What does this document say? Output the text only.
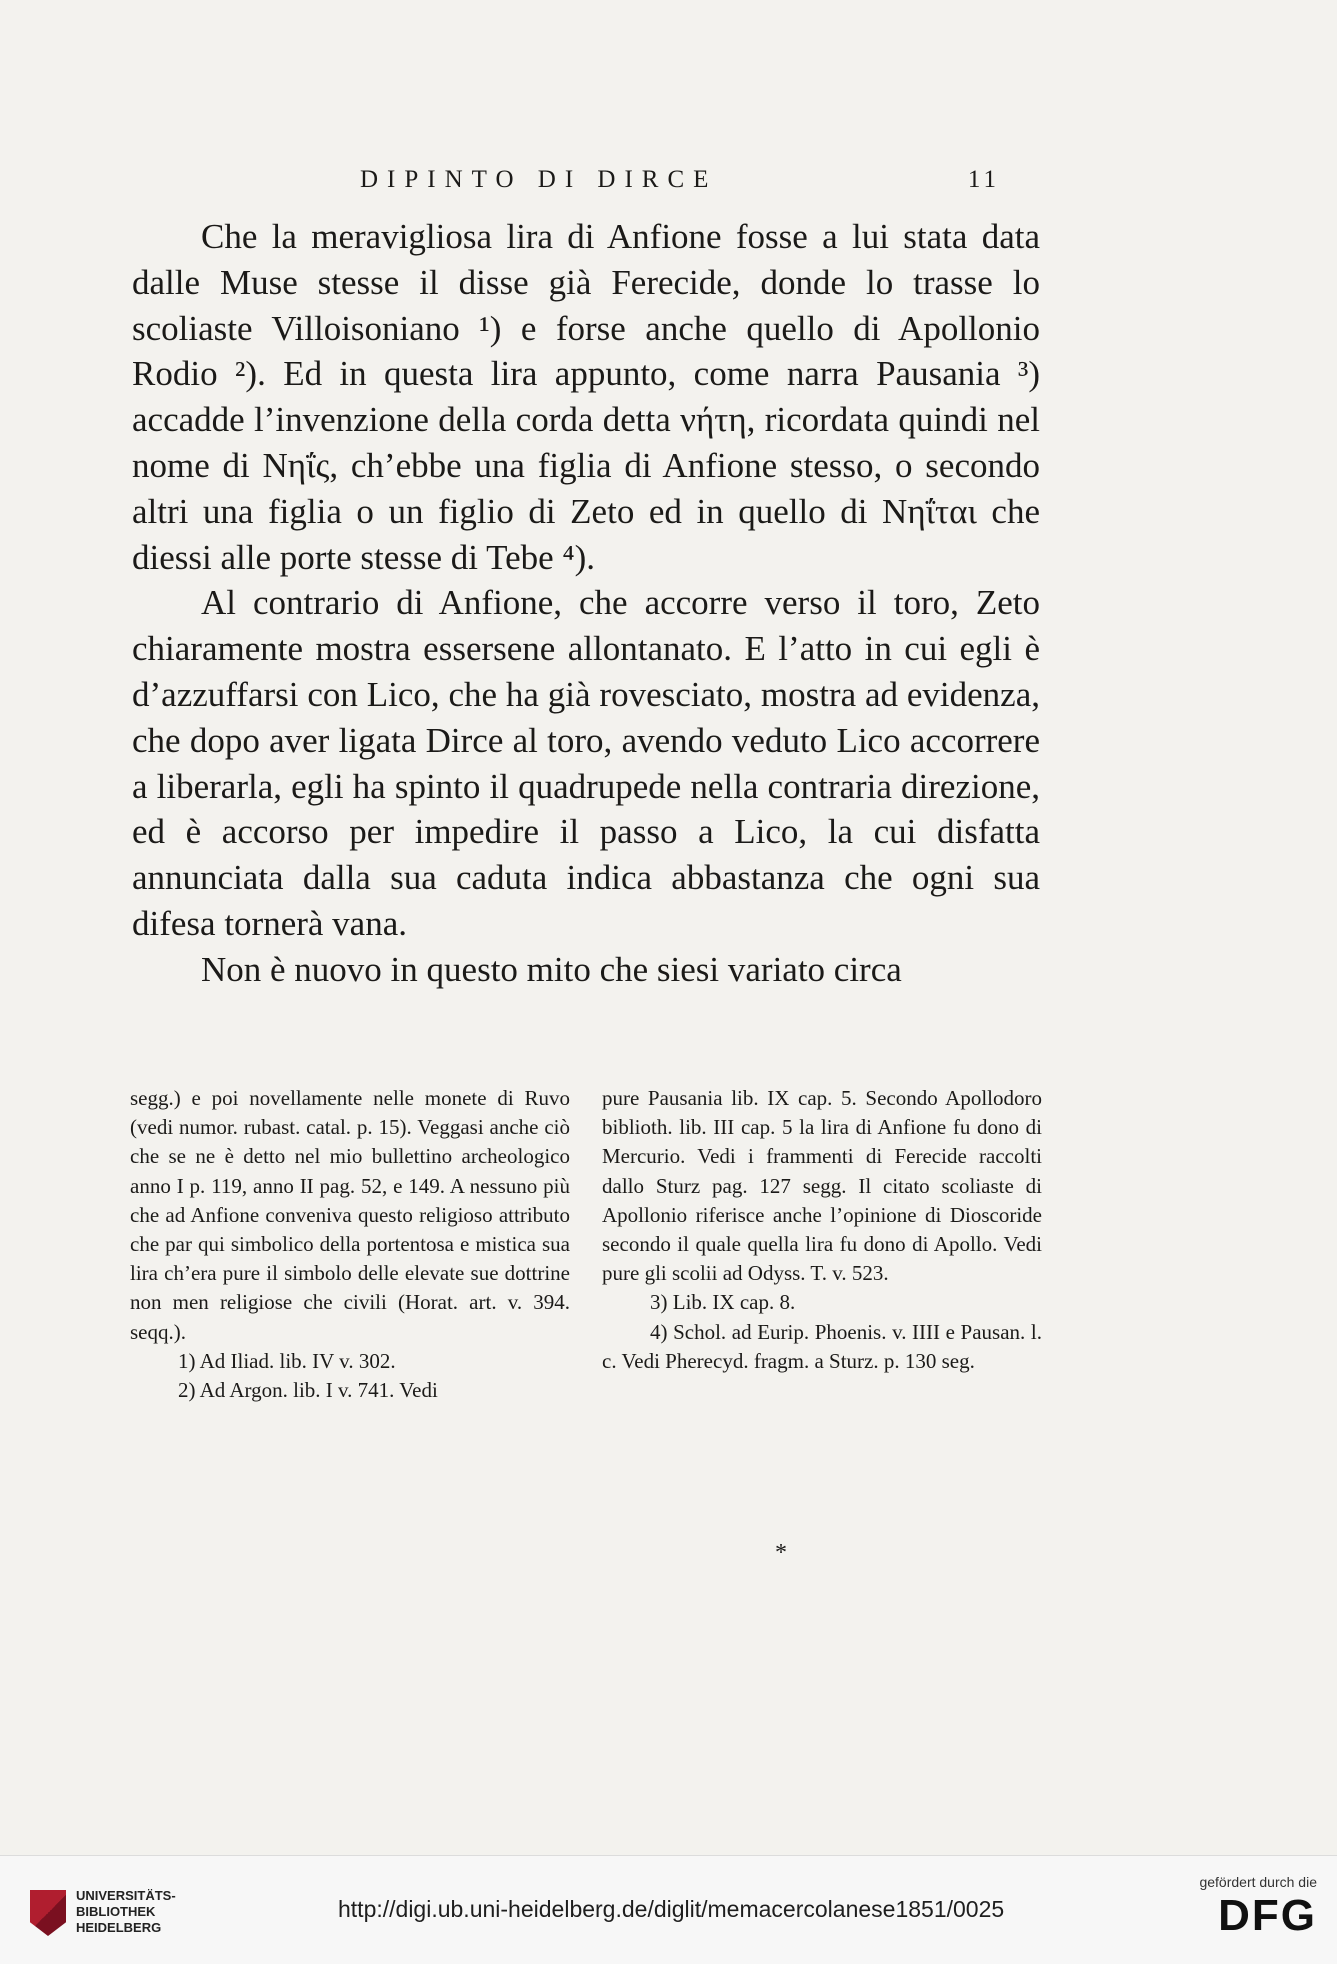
DIPINTO DI DIRCE	11

Che la meravigliosa lira di Anfione fosse a lui stata data dalle Muse stesse il disse già Ferecide, donde lo trasse lo scoliaste Villoisoniano ¹) e forse anche quello di Apollonio Rodio ²). Ed in questa lira appunto, come narra Pausania ³) accadde l’invenzione della corda detta νήτη, ricordata quindi nel nome di Νηΐς, ch’ebbe una figlia di Anfione stesso, o secondo altri una figlia o un figlio di Zeto ed in quello di Νηΐται che diessi alle porte stesse di Tebe ⁴).

Al contrario di Anfione, che accorre verso il toro, Zeto chiaramente mostra essersene allontanato. E l’atto in cui egli è d’azzuffarsi con Lico, che ha già rovesciato, mostra ad evidenza, che dopo aver ligata Dirce al toro, avendo veduto Lico accorrere a liberarla, egli ha spinto il quadrupede nella contraria direzione, ed è accorso per impedire il passo a Lico, la cui disfatta annunciata dalla sua caduta indica abbastanza che ogni sua difesa tornerà vana.

Non è nuovo in questo mito che siesi variato circa

segg.) e poi novellamente nelle monete di Ruvo (vedi numor. rubast. catal. p. 15). Veggasi anche ciò che se ne è detto nel mio bullettino archeologico anno I p. 119, anno II pag. 52, e 149. A nessuno più che ad Anfione conveniva questo religioso attributo che par qui simbolico della portentosa e mistica sua lira ch’era pure il simbolo delle elevate sue dottrine non men religiose che civili (Horat. art. v. 394. seqq.).

1) Ad Iliad. lib. IV v. 302.

2) Ad Argon. lib. I v. 741. Vedi

pure Pausania lib. IX cap. 5. Secondo Apollodoro biblioth. lib. III cap. 5 la lira di Anfione fu dono di Mercurio. Vedi i frammenti di Ferecide raccolti dallo Sturz pag. 127 segg. Il citato scoliaste di Apollonio riferisce anche l’opinione di Dioscoride secondo il quale quella lira fu dono di Apollo. Vedi pure gli scolii ad Odyss. T. v. 523.

3) Lib. IX cap. 8.

4) Schol. ad Eurip. Phoenis. v. IIII e Pausan. l. c. Vedi Pherecyd. fragm. a Sturz. p. 130 seg.

*
UNIVERSITÄTS-
BIBLIOTHEK
HEIDELBERG
http://digi.ub.uni-heidelberg.de/diglit/memacercolanese1851/0025
gefördert durch die
DFG
